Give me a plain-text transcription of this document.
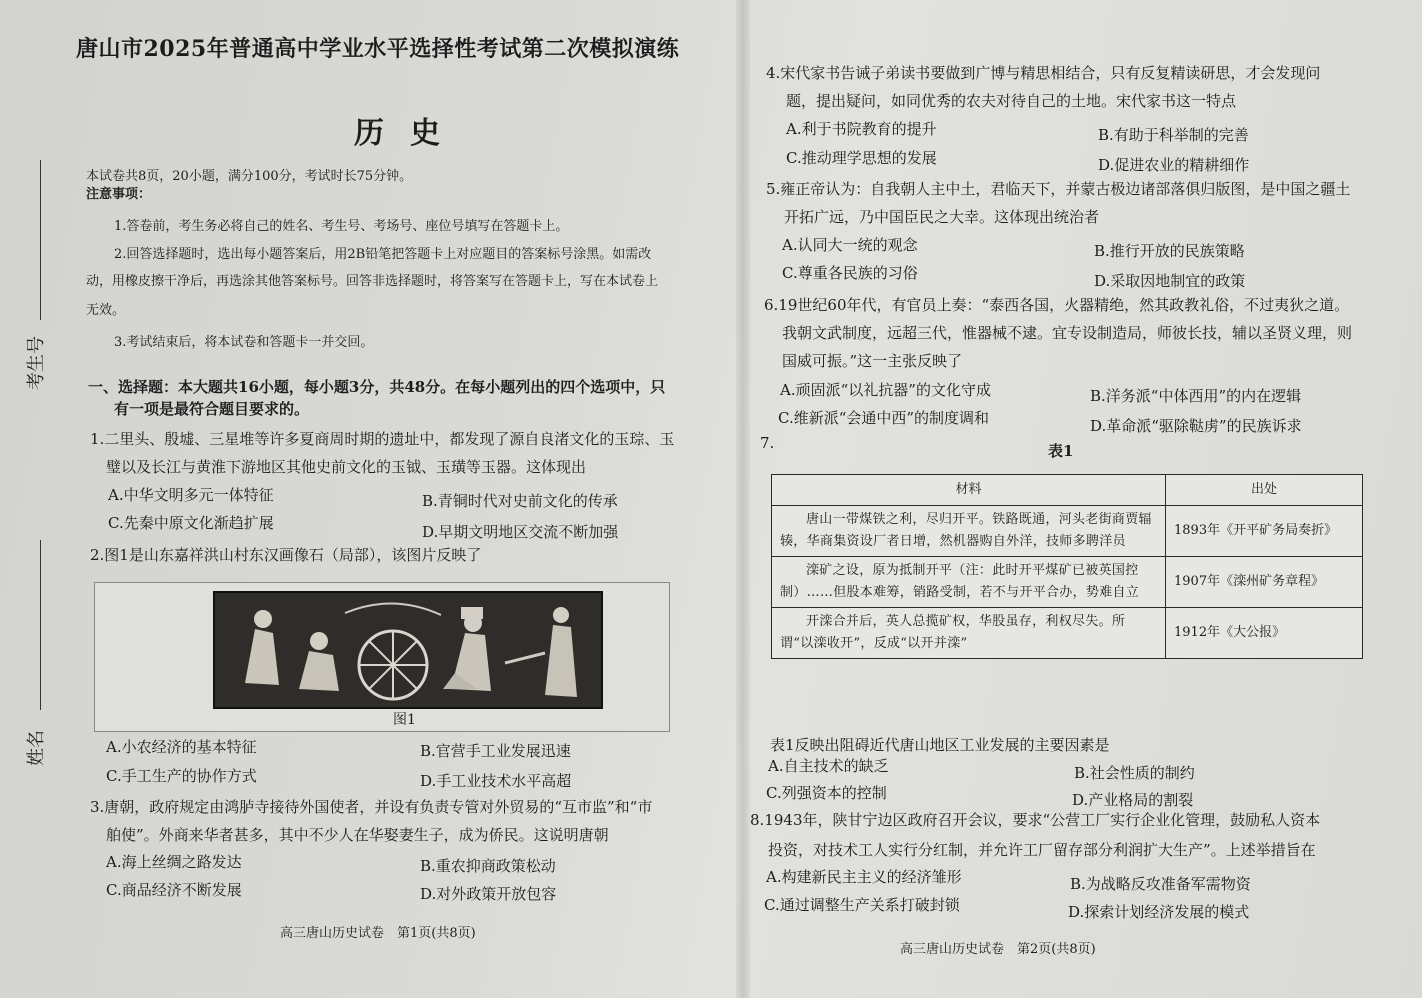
考生号
姓名
唐山市2025年普通高中学业水平选择性考试第二次模拟演练
历史
本试卷共8页，20小题，满分100分，考试时长75分钟。
注意事项：
1.答卷前，考生务必将自己的姓名、考生号、考场号、座位号填写在答题卡上。
2.回答选择题时，选出每小题答案后，用2B铅笔把答题卡上对应题目的答案标号涂黑。如需改
动，用橡皮擦干净后，再选涂其他答案标号。回答非选择题时，将答案写在答题卡上，写在本试卷上
无效。
3.考试结束后，将本试卷和答题卡一并交回。
一、选择题：本大题共16小题，每小题3分，共48分。在每小题列出的四个选项中，只
有一项是最符合题目要求的。
1.二里头、殷墟、三星堆等许多夏商周时期的遗址中，都发现了源自良渚文化的玉琮、玉
璧以及长江与黄淮下游地区其他史前文化的玉钺、玉璜等玉器。这体现出
A.中华文明多元一体特征	B.青铜时代对史前文化的传承
C.先秦中原文化渐趋扩展	D.早期文明地区交流不断加强
2.图1是山东嘉祥洪山村东汉画像石（局部），该图片反映了
图1
A.小农经济的基本特征	B.官营手工业发展迅速
C.手工生产的协作方式	D.手工业技术水平高超
3.唐朝，政府规定由鸿胪寺接待外国使者，并设有负责专管对外贸易的“互市监”和“市
舶使”。外商来华者甚多，其中不少人在华娶妻生子，成为侨民。这说明唐朝
A.海上丝绸之路发达	B.重农抑商政策松动
C.商品经济不断发展	D.对外政策开放包容
高三唐山历史试卷　第1页(共8页)
4.宋代家书告诫子弟读书要做到广博与精思相结合，只有反复精读研思，才会发现问
题，提出疑问，如同优秀的农夫对待自己的土地。宋代家书这一特点
A.利于书院教育的提升	B.有助于科举制的完善
C.推动理学思想的发展	D.促进农业的精耕细作
5.雍正帝认为：自我朝人主中土，君临天下，并蒙古极边诸部落俱归版图，是中国之疆土
开拓广远，乃中国臣民之大幸。这体现出统治者
A.认同大一统的观念	B.推行开放的民族策略
C.尊重各民族的习俗	D.采取因地制宜的政策
6.19世纪60年代，有官员上奏：“泰西各国，火器精绝，然其政教礼俗，不过夷狄之道。
我朝文武制度，远超三代，惟器械不逮。宜专设制造局，师彼长技，辅以圣贤义理，则
国威可振。”这一主张反映了
A.顽固派“以礼抗器”的文化守成	B.洋务派“中体西用”的内在逻辑
C.维新派“会通中西”的制度调和	D.革命派“驱除鞑虏”的民族诉求
7.	表1
材料	出处
唐山一带煤铁之利，尽归开平。铁路既通，河头老街商贾辐辏，华商集资设厂者日增，然机器购自外洋，技师多聘洋员	1893年《开平矿务局奏折》
滦矿之设，原为抵制开平（注：此时开平煤矿已被英国控制）……但股本难筹，销路受制，若不与开平合办，势难自立	1907年《滦州矿务章程》
开滦合并后，英人总揽矿权，华股虽存，利权尽失。所谓“以滦收开”，反成“以开并滦”	1912年《大公报》
表1反映出阻碍近代唐山地区工业发展的主要因素是
A.自主技术的缺乏	B.社会性质的制约
C.列强资本的控制	D.产业格局的割裂
8.1943年，陕甘宁边区政府召开会议，要求“公营工厂实行企业化管理，鼓励私人资本
投资，对技术工人实行分红制，并允许工厂留存部分利润扩大生产”。上述举措旨在
A.构建新民主主义的经济雏形	B.为战略反攻准备军需物资
C.通过调整生产关系打破封锁	D.探索计划经济发展的模式
高三唐山历史试卷　第2页(共8页)
